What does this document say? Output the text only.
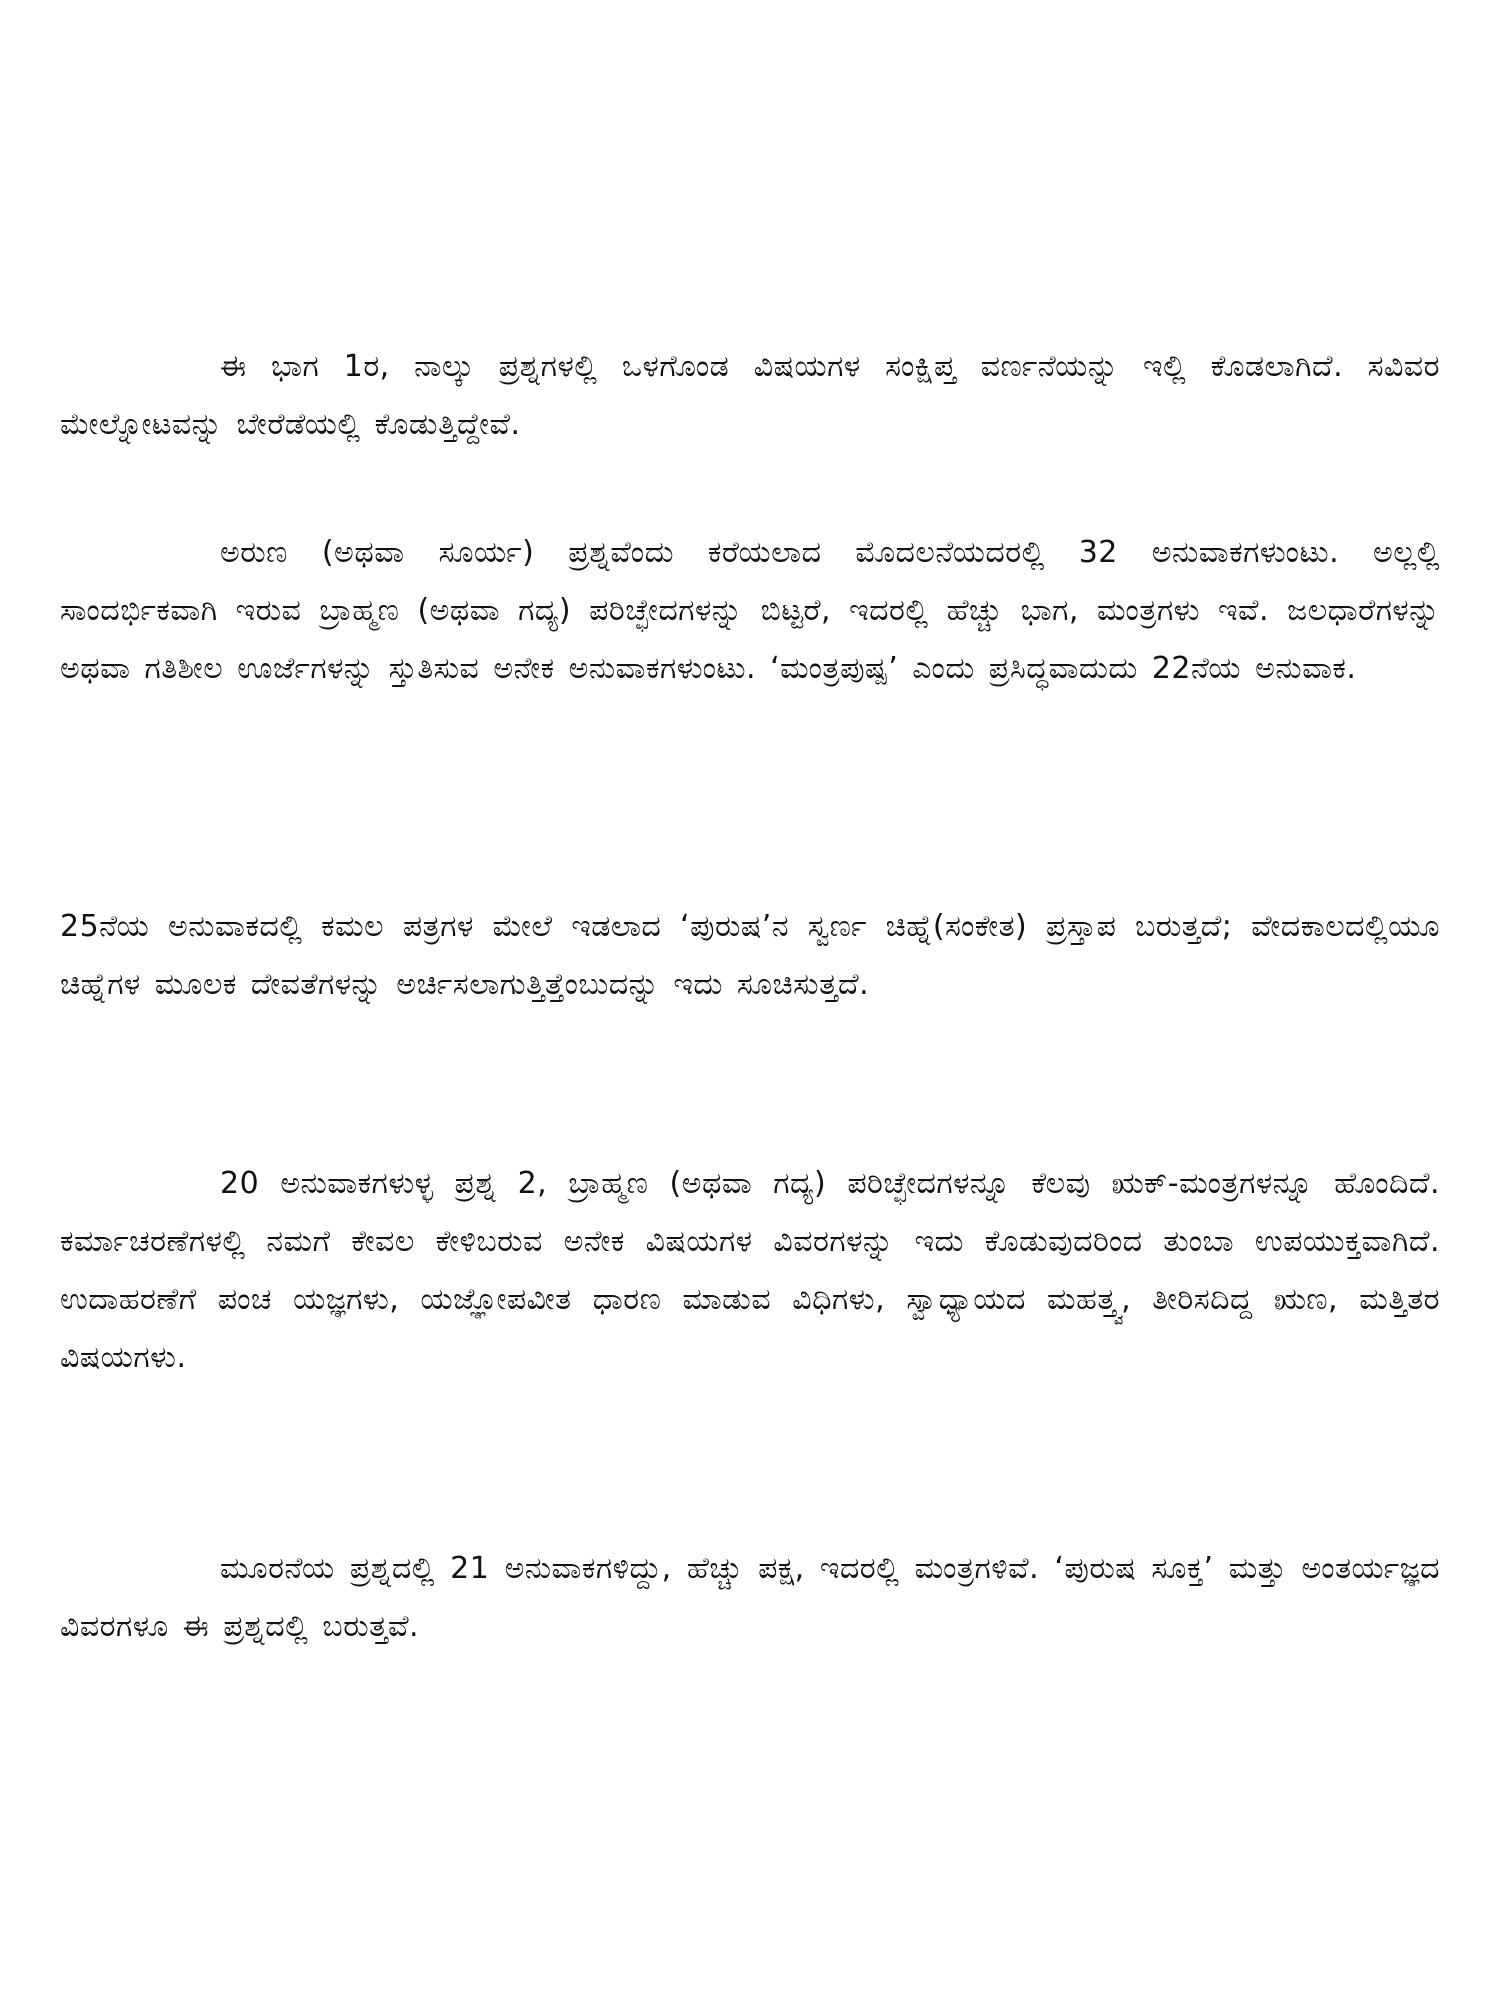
ಈ ಭಾಗ 1ರ, ನಾಲ್ಕು ಪ್ರಶ್ನಗಳಲ್ಲಿ ಒಳಗೊಂಡ ವಿಷಯಗಳ ಸಂಕ್ಷಿಪ್ತ ವರ್ಣನೆಯನ್ನು ಇಲ್ಲಿ ಕೊಡಲಾಗಿದೆ. ಸವಿವರ ಮೇಲ್ನೋಟವನ್ನು ಬೇರೆಡೆಯಲ್ಲಿ ಕೊಡುತ್ತಿದ್ದೇವೆ.

ಅರುಣ (ಅಥವಾ ಸೂರ್ಯ) ಪ್ರಶ್ನವೆಂದು ಕರೆಯಲಾದ ಮೊದಲನೆಯದರಲ್ಲಿ 32 ಅನುವಾಕಗಳುಂಟು. ಅಲ್ಲಲ್ಲಿ ಸಾಂದರ್ಭಿಕವಾಗಿ ಇರುವ ಬ್ರಾಹ್ಮಣ (ಅಥವಾ ಗದ್ಯ) ಪರಿಚ್ಛೇದಗಳನ್ನು ಬಿಟ್ಟರೆ, ಇದರಲ್ಲಿ ಹೆಚ್ಚು ಭಾಗ, ಮಂತ್ರಗಳು ಇವೆ. ಜಲಧಾರೆಗಳನ್ನು ಅಥವಾ ಗತಿಶೀಲ ಊರ್ಜೆಗಳನ್ನು ಸ್ತುತಿಸುವ ಅನೇಕ ಅನುವಾಕಗಳುಂಟು. ‘ಮಂತ್ರಪುಷ್ಪ’ ಎಂದು ಪ್ರಸಿದ್ಧವಾದುದು 22ನೆಯ ಅನುವಾಕ.

25ನೆಯ ಅನುವಾಕದಲ್ಲಿ ಕಮಲ ಪತ್ರಗಳ ಮೇಲೆ ಇಡಲಾದ ‘ಪುರುಷ’ನ ಸ್ವರ್ಣ ಚಿಹ್ನೆ(ಸಂಕೇತ) ಪ್ರಸ್ತಾಪ ಬರುತ್ತದೆ; ವೇದಕಾಲದಲ್ಲಿಯೂ ಚಿಹ್ನೆಗಳ ಮೂಲಕ ದೇವತೆಗಳನ್ನು ಅರ್ಚಿಸಲಾಗುತ್ತಿತ್ತೆಂಬುದನ್ನು ಇದು ಸೂಚಿಸುತ್ತದೆ.

20 ಅನುವಾಕಗಳುಳ್ಳ ಪ್ರಶ್ನ 2, ಬ್ರಾಹ್ಮಣ (ಅಥವಾ ಗದ್ಯ) ಪರಿಚ್ಛೇದಗಳನ್ನೂ ಕೆಲವು ಋಕ್-ಮಂತ್ರಗಳನ್ನೂ ಹೊಂದಿದೆ. ಕರ್ಮಾಚರಣೆಗಳಲ್ಲಿ ನಮಗೆ ಕೇವಲ ಕೇಳಿಬರುವ ಅನೇಕ ವಿಷಯಗಳ ವಿವರಗಳನ್ನು ಇದು ಕೊಡುವುದರಿಂದ ತುಂಬಾ ಉಪಯುಕ್ತವಾಗಿದೆ. ಉದಾಹರಣೆಗೆ ಪಂಚ ಯಜ್ಞಗಳು, ಯಜ್ಞೋಪವೀತ ಧಾರಣ ಮಾಡುವ ವಿಧಿಗಳು, ಸ್ವಾಧ್ಯಾಯದ ಮಹತ್ತ್ವ, ತೀರಿಸದಿದ್ದ ಋಣ, ಮತ್ತಿತರ ವಿಷಯಗಳು.

ಮೂರನೆಯ ಪ್ರಶ್ನದಲ್ಲಿ 21 ಅನುವಾಕಗಳಿದ್ದು, ಹೆಚ್ಚು ಪಕ್ಷ, ಇದರಲ್ಲಿ ಮಂತ್ರಗಳಿವೆ. ‘ಪುರುಷ ಸೂಕ್ತ’ ಮತ್ತು ಅಂತರ್ಯಜ್ಞದ ವಿವರಗಳೂ ಈ ಪ್ರಶ್ನದಲ್ಲಿ ಬರುತ್ತವೆ.
